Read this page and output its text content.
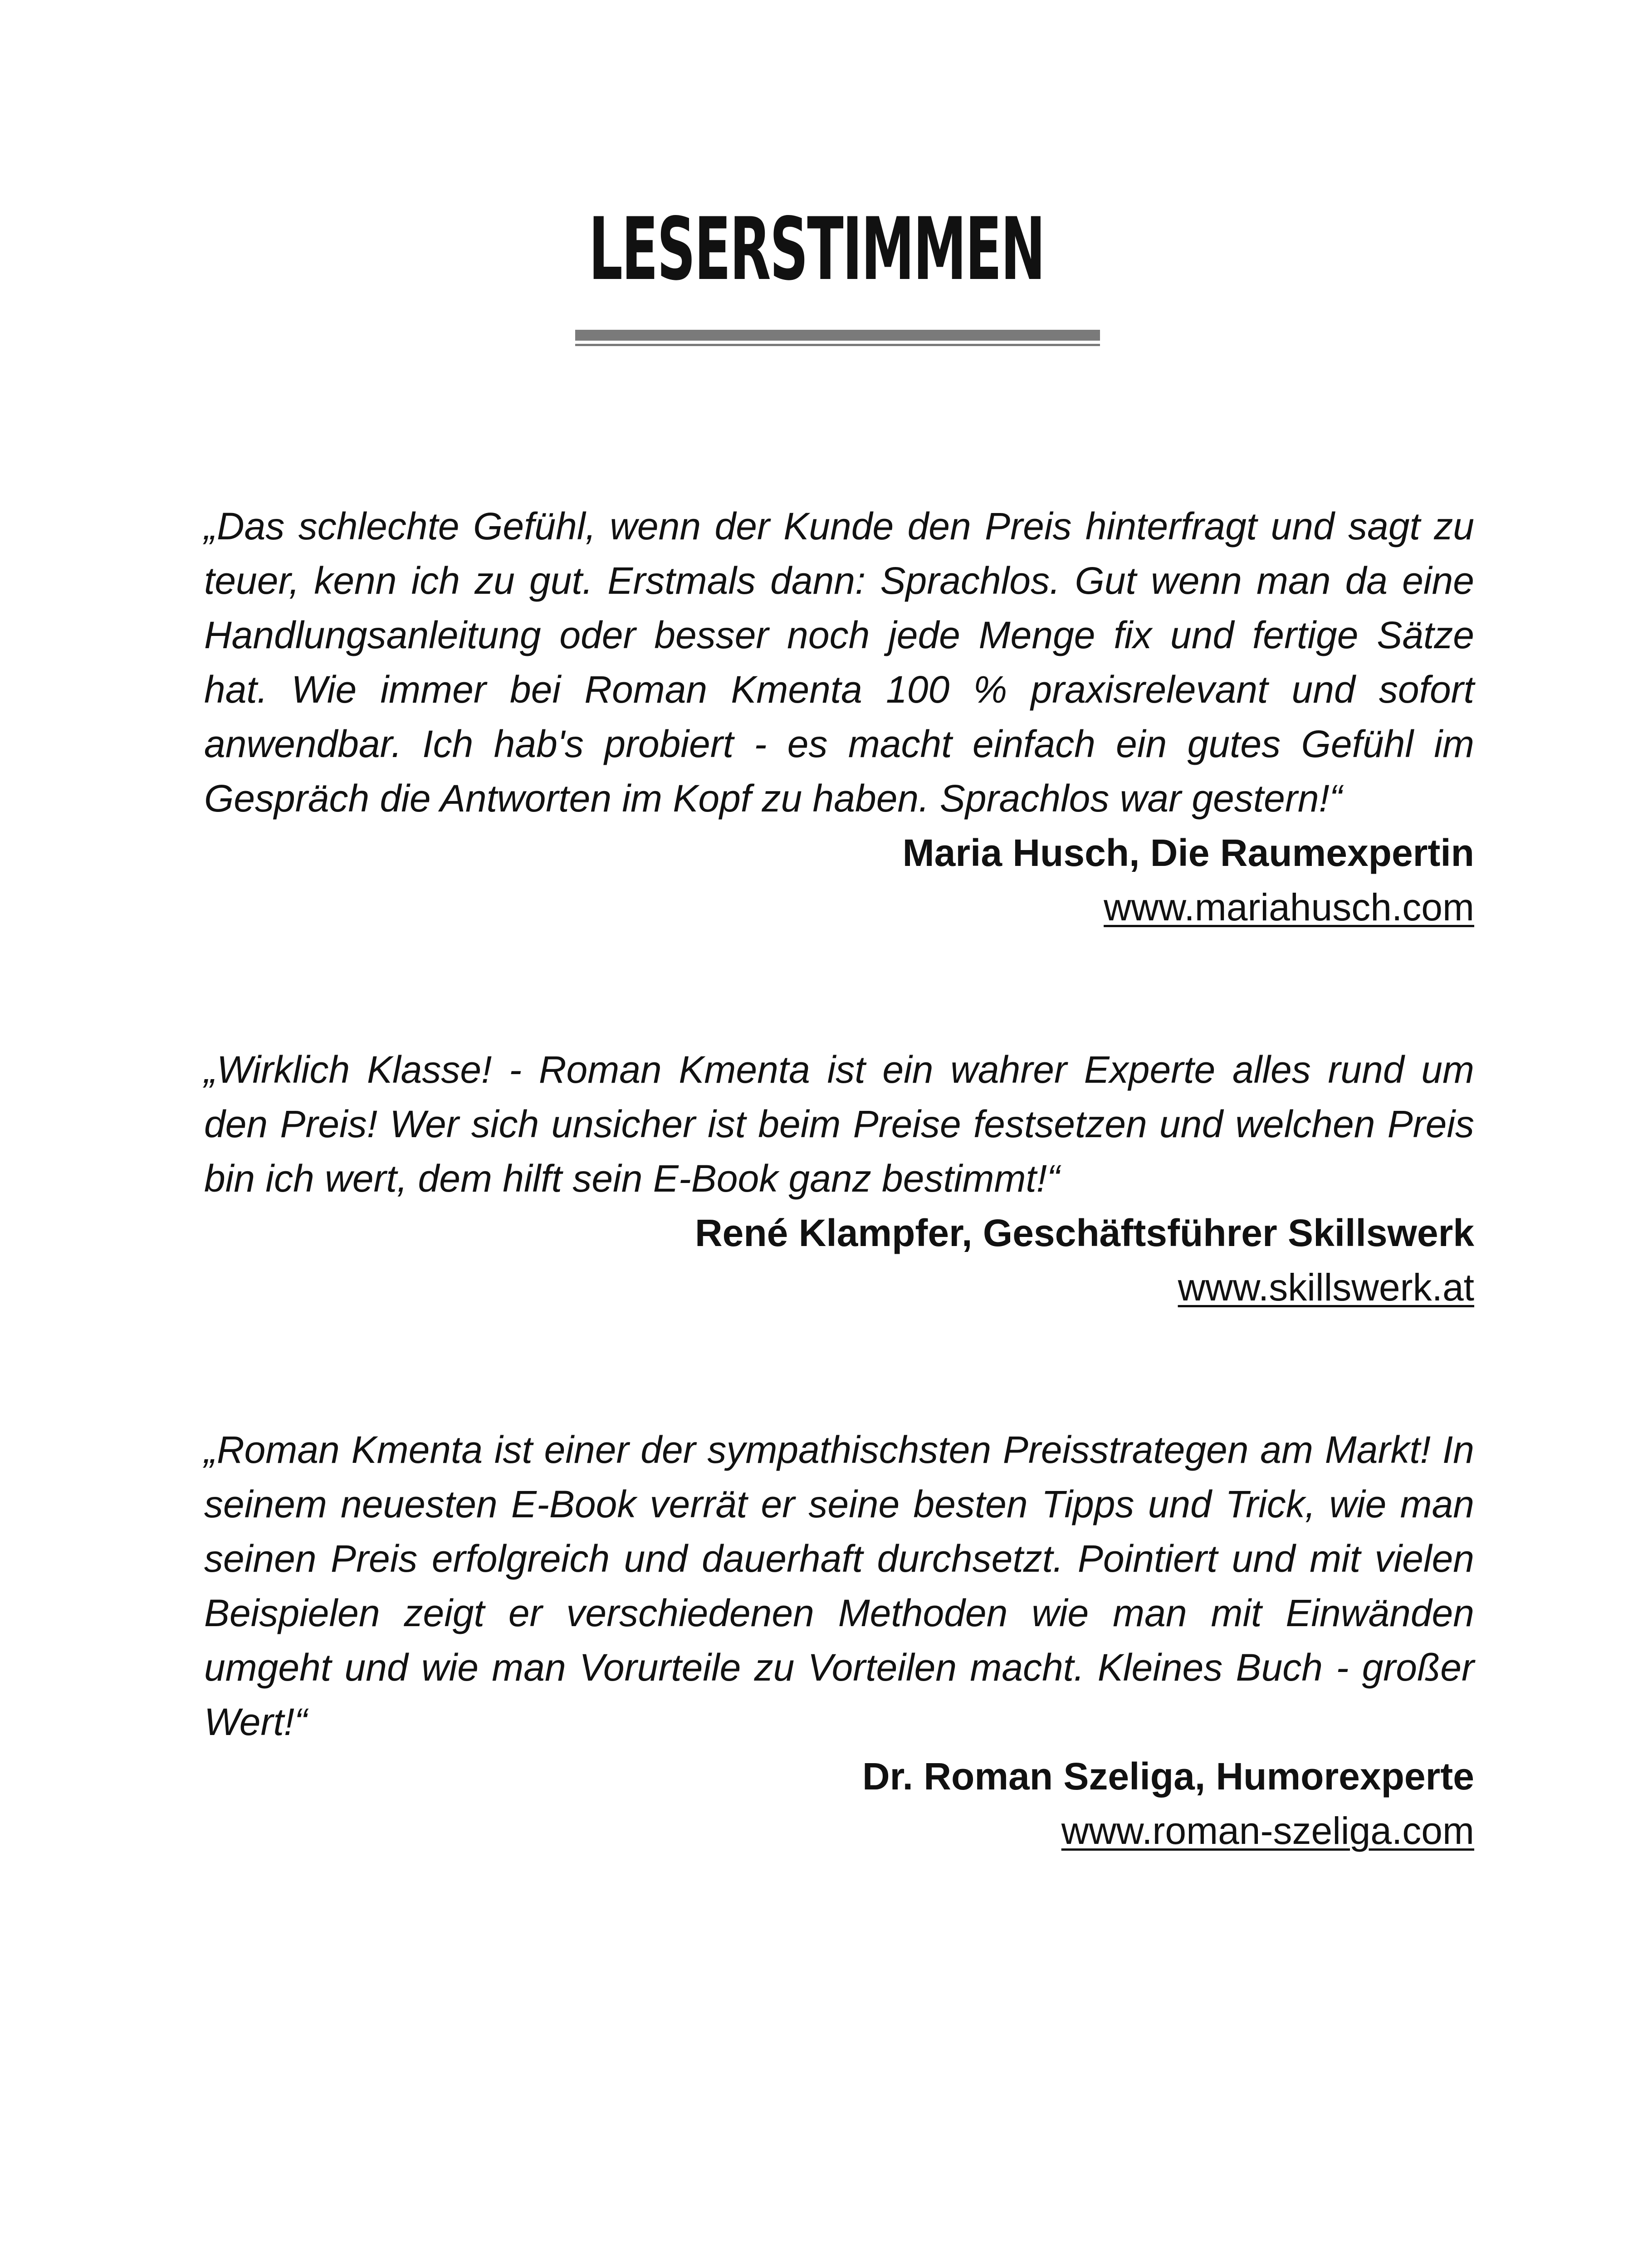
LESERSTIMMEN

„Das schlechte Gefühl, wenn der Kunde den Preis hinterfragt und sagt zu teuer, kenn ich zu gut. Erstmals dann: Sprachlos. Gut wenn man da eine Handlungsanleitung oder besser noch jede Menge fix und fertige Sätze hat. Wie immer bei Roman Kmenta 100 % praxisrelevant und sofort anwendbar. Ich hab's probiert - es macht einfach ein gutes Gefühl im Gespräch die Antworten im Kopf zu haben. Sprachlos war gestern!“

Maria Husch, Die Raumexpertin

www.mariahusch.com

„Wirklich Klasse! - Roman Kmenta ist ein wahrer Experte alles rund um den Preis! Wer sich unsicher ist beim Preise festsetzen und welchen Preis bin ich wert, dem hilft sein E-Book ganz bestimmt!“

René Klampfer, Geschäftsführer Skillswerk

www.skillswerk.at

„Roman Kmenta ist einer der sympathischsten Preisstrategen am Markt! In seinem neuesten E-Book verrät er seine besten Tipps und Trick, wie man seinen Preis erfolgreich und dauerhaft durchsetzt. Pointiert und mit vielen Beispielen zeigt er verschiedenen Methoden wie man mit Einwänden umgeht und wie man Vorurteile zu Vorteilen macht. Kleines Buch - großer Wert!“

Dr. Roman Szeliga, Humorexperte

www.roman-szeliga.com
